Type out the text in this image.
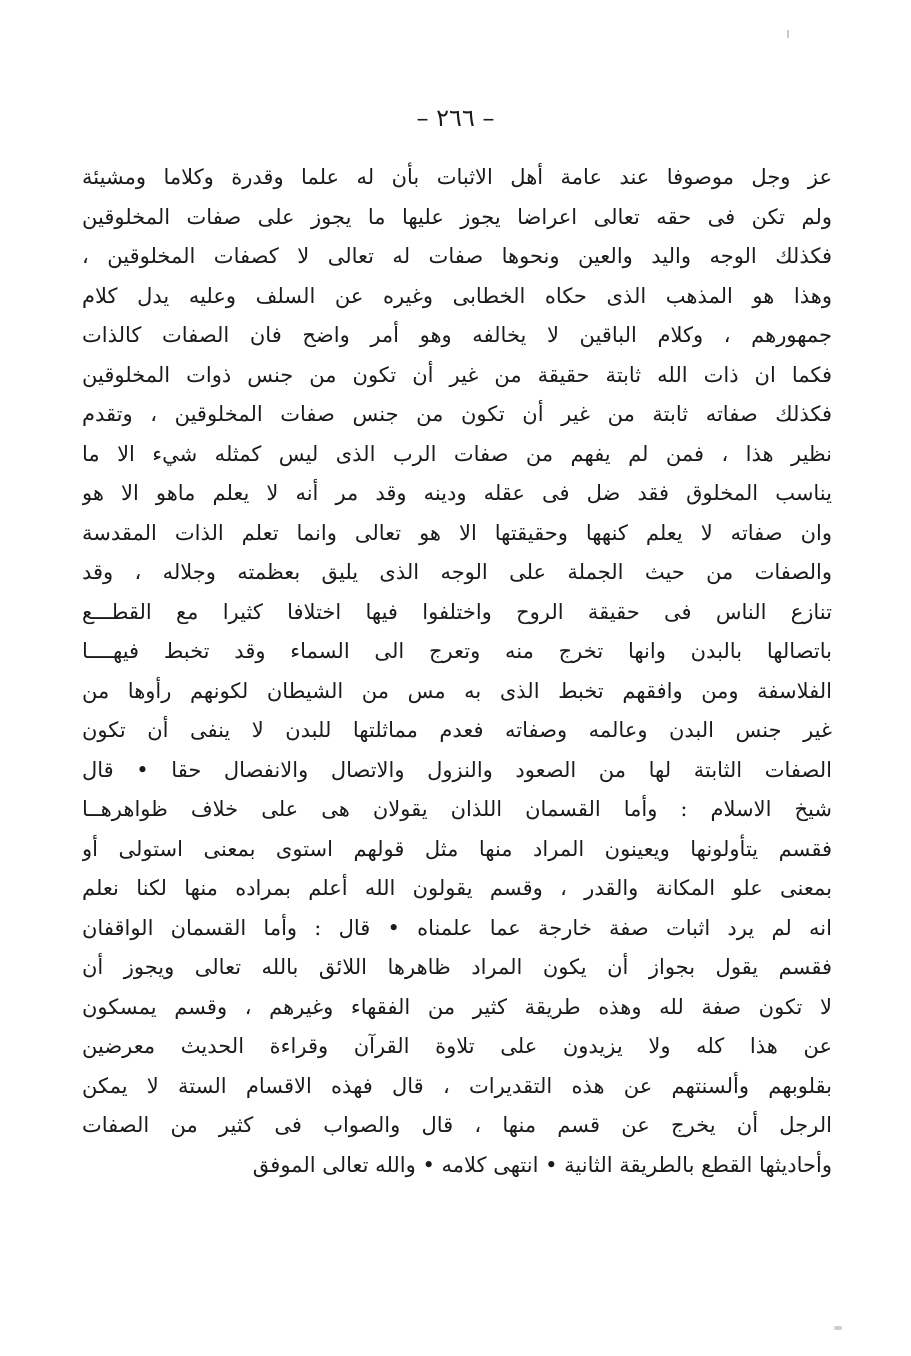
– ٢٦٦ –
عز وجل موصوفا عند عامة أهل الاثبات بأن له علما وقدرة وكلاما ومشيئة
ولم تكن فى حقه تعالى اعراضا يجوز عليها ما يجوز على صفات المخلوقين
فكذلك الوجه واليد والعين ونحوها صفات له تعالى لا كصفات المخلوقين ،
وهذا هو المذهب الذى حكاه الخطابى وغيره عن السلف وعليه يدل كلام
جمهورهم ، وكلام الباقين لا يخالفه وهو أمر واضح فان الصفات كالذات
فكما ان ذات الله ثابتة حقيقة من غير أن تكون من جنس ذوات المخلوقين
فكذلك صفاته ثابتة من غير أن تكون من جنس صفات المخلوقين ، وتقدم
نظير هذا ، فمن لم يفهم من صفات الرب الذى ليس كمثله شيء الا ما
يناسب المخلوق فقد ضل فى عقله ودينه وقد مر أنه لا يعلم ماهو الا هو
وان صفاته لا يعلم كنهها وحقيقتها الا هو تعالى وانما تعلم الذات المقدسة
والصفات من حيث الجملة على الوجه الذى يليق بعظمته وجلاله ، وقد
تنازع الناس فى حقيقة الروح واختلفوا فيها اختلافا كثيرا مع القطـــع
باتصالها بالبدن وانها تخرج منه وتعرج الى السماء وقد تخبط فيهــــا
الفلاسفة ومن وافقهم تخبط الذى به مس من الشيطان لكونهم رأوها من
غير جنس البدن وعالمه وصفاته فعدم مماثلتها للبدن لا ينفى أن تكون
الصفات الثابتة لها من الصعود والنزول والاتصال والانفصال حقا • قال
شيخ الاسلام : وأما القسمان اللذان يقولان هى على خلاف ظواهرهــا
فقسم يتأولونها ويعينون المراد منها مثل قولهم استوى بمعنى استولى أو
بمعنى علو المكانة والقدر ، وقسم يقولون الله أعلم بمراده منها لكنا نعلم
انه لم يرد اثبات صفة خارجة عما علمناه • قال : وأما القسمان الواقفان
فقسم يقول بجواز أن يكون المراد ظاهرها اللائق بالله تعالى ويجوز أن
لا تكون صفة لله وهذه طريقة كثير من الفقهاء وغيرهم ، وقسم يمسكون
عن هذا كله ولا يزيدون على تلاوة القرآن وقراءة الحديث معرضين
بقلوبهم وألسنتهم عن هذه التقديرات ، قال فهذه الاقسام الستة لا يمكن
الرجل أن يخرج عن قسم منها ، قال والصواب فى كثير من الصفات
وأحاديثها القطع بالطريقة الثانية • انتهى كلامه • والله تعالى الموفق
